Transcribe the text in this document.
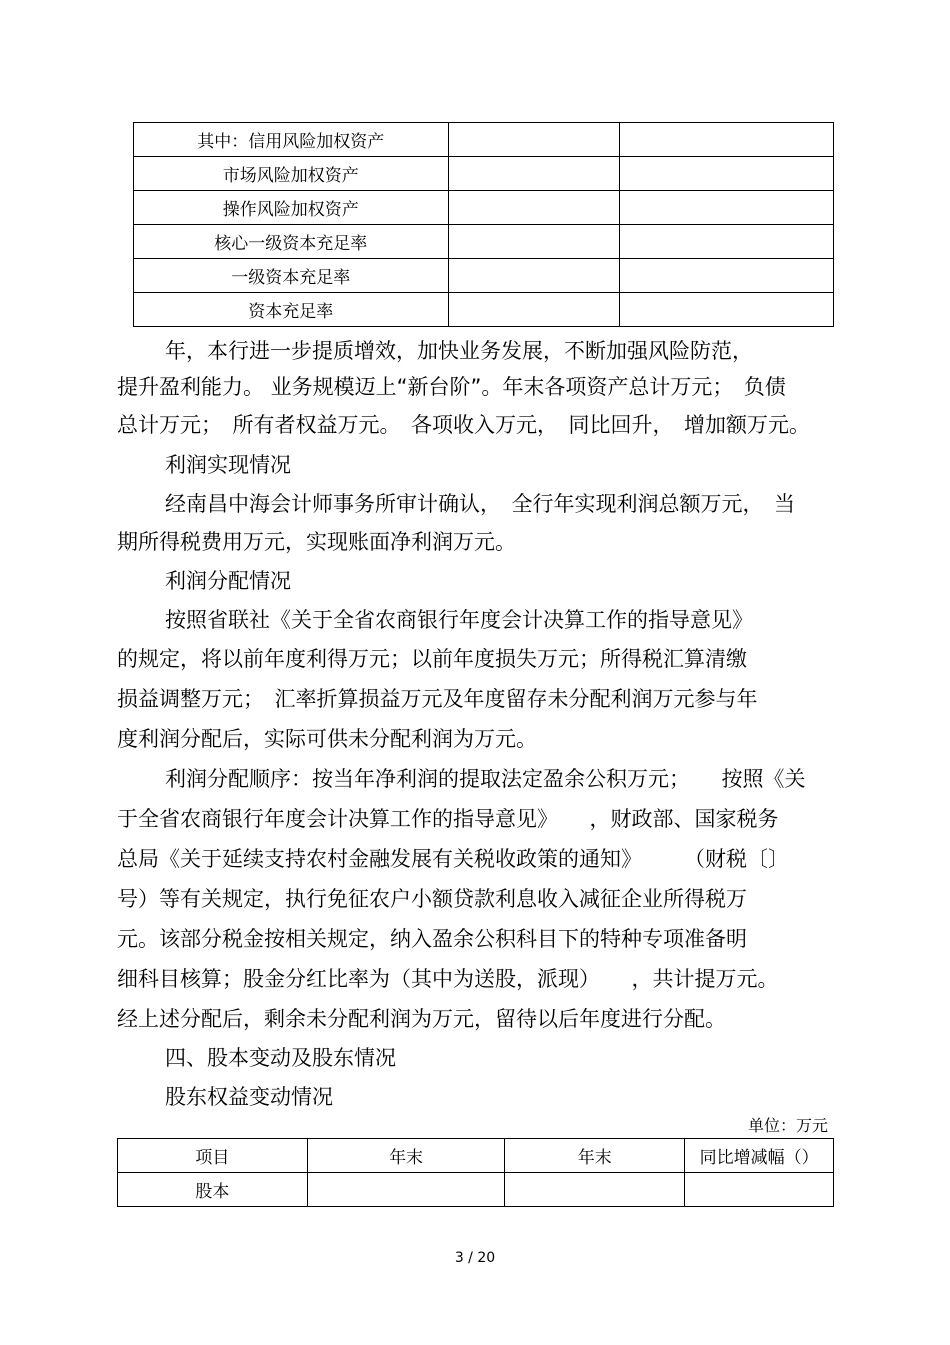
其中：信用风险加权资产		
市场风险加权资产		
操作风险加权资产		
核心一级资本充足率		
一级资本充足率		
资本充足率		
年，本行进一步提质增效，加快业务发展，不断加强风险防范，
提升盈利能力。 业务规模迈上“新台阶”。年末各项资产总计万元；　负债
总计万元；　所有者权益万元。　各项收入万元，　同比回升，　增加额万元。
利润实现情况
经南昌中海会计师事务所审计确认，　全行年实现利润总额万元，　当
期所得税费用万元，实现账面净利润万元。
利润分配情况
按照省联社《关于全省农商银行年度会计决算工作的指导意见》
的规定，将以前年度利得万元；以前年度损失万元；所得税汇算清缴
损益调整万元；　汇率折算损益万元及年度留存未分配利润万元参与年
度利润分配后，实际可供未分配利润为万元。
利润分配顺序：按当年净利润的提取法定盈余公积万元；　　按照《关
于全省农商银行年度会计决算工作的指导意见》　　，财政部、国家税务
总局《关于延续支持农村金融发展有关税收政策的通知》　　　（财税〔〕
号）等有关规定，执行免征农户小额贷款利息收入减征企业所得税万
元。该部分税金按相关规定，纳入盈余公积科目下的特种专项准备明
细科目核算；股金分红比率为（其中为送股，派现）　　，共计提万元。
经上述分配后，剩余未分配利润为万元，留待以后年度进行分配。
四、股本变动及股东情况
股东权益变动情况
单位：万元
项目	年末	年末	同比增减幅（）
股本			
3 / 20
